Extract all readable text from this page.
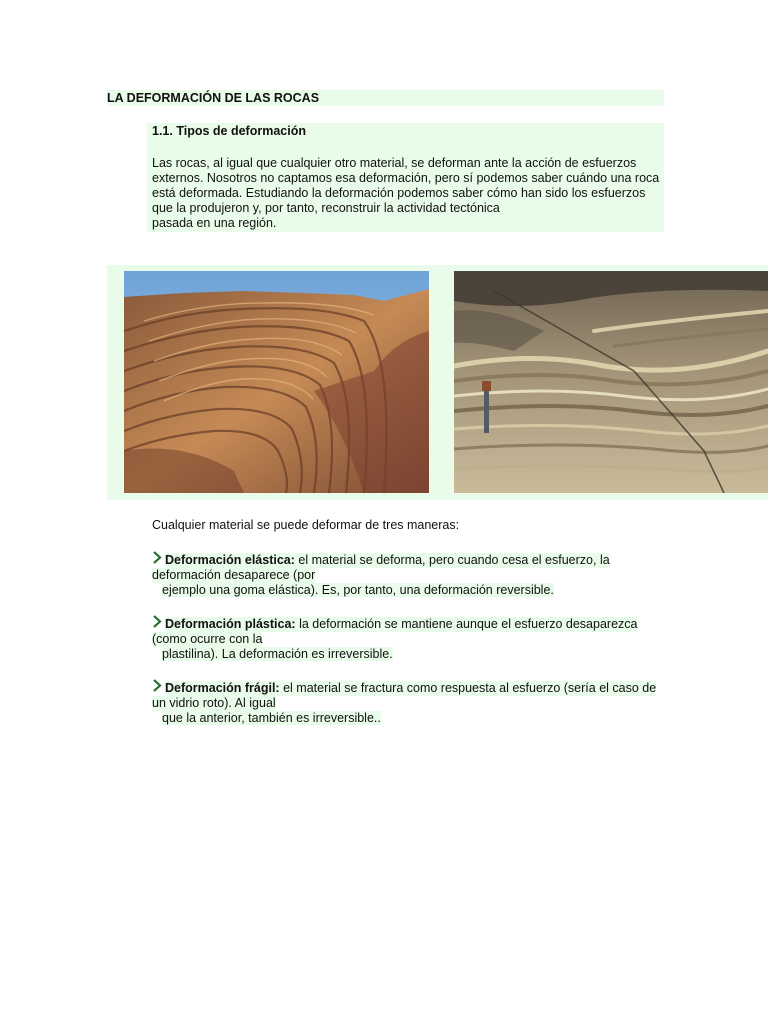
LA DEFORMACIÓN DE LAS ROCAS
1.1. Tipos de deformación

Las rocas, al igual que cualquier otro material, se deforman ante la acción de esfuerzos
externos. Nosotros no captamos esa deformación, pero sí podemos saber cuándo una roca
está deformada. Estudiando la deformación podemos saber cómo han sido los esfuerzos
que la produjeron y, por tanto, reconstruir la actividad tectónica
pasada en una región.

Cualquier material se puede deformar de tres maneras:

Deformación elástica: el material se deforma, pero cuando cesa el esfuerzo, la
deformación desaparece (por
ejemplo una goma elástica). Es, por tanto, una deformación reversible.
Deformación plástica: la deformación se mantiene aunque el esfuerzo desaparezca
(como ocurre con la
plastilina). La deformación es irreversible.
Deformación frágil: el material se fractura como respuesta al esfuerzo (sería el caso de
un vidrio roto). Al igual
que la anterior, también es irreversible..
